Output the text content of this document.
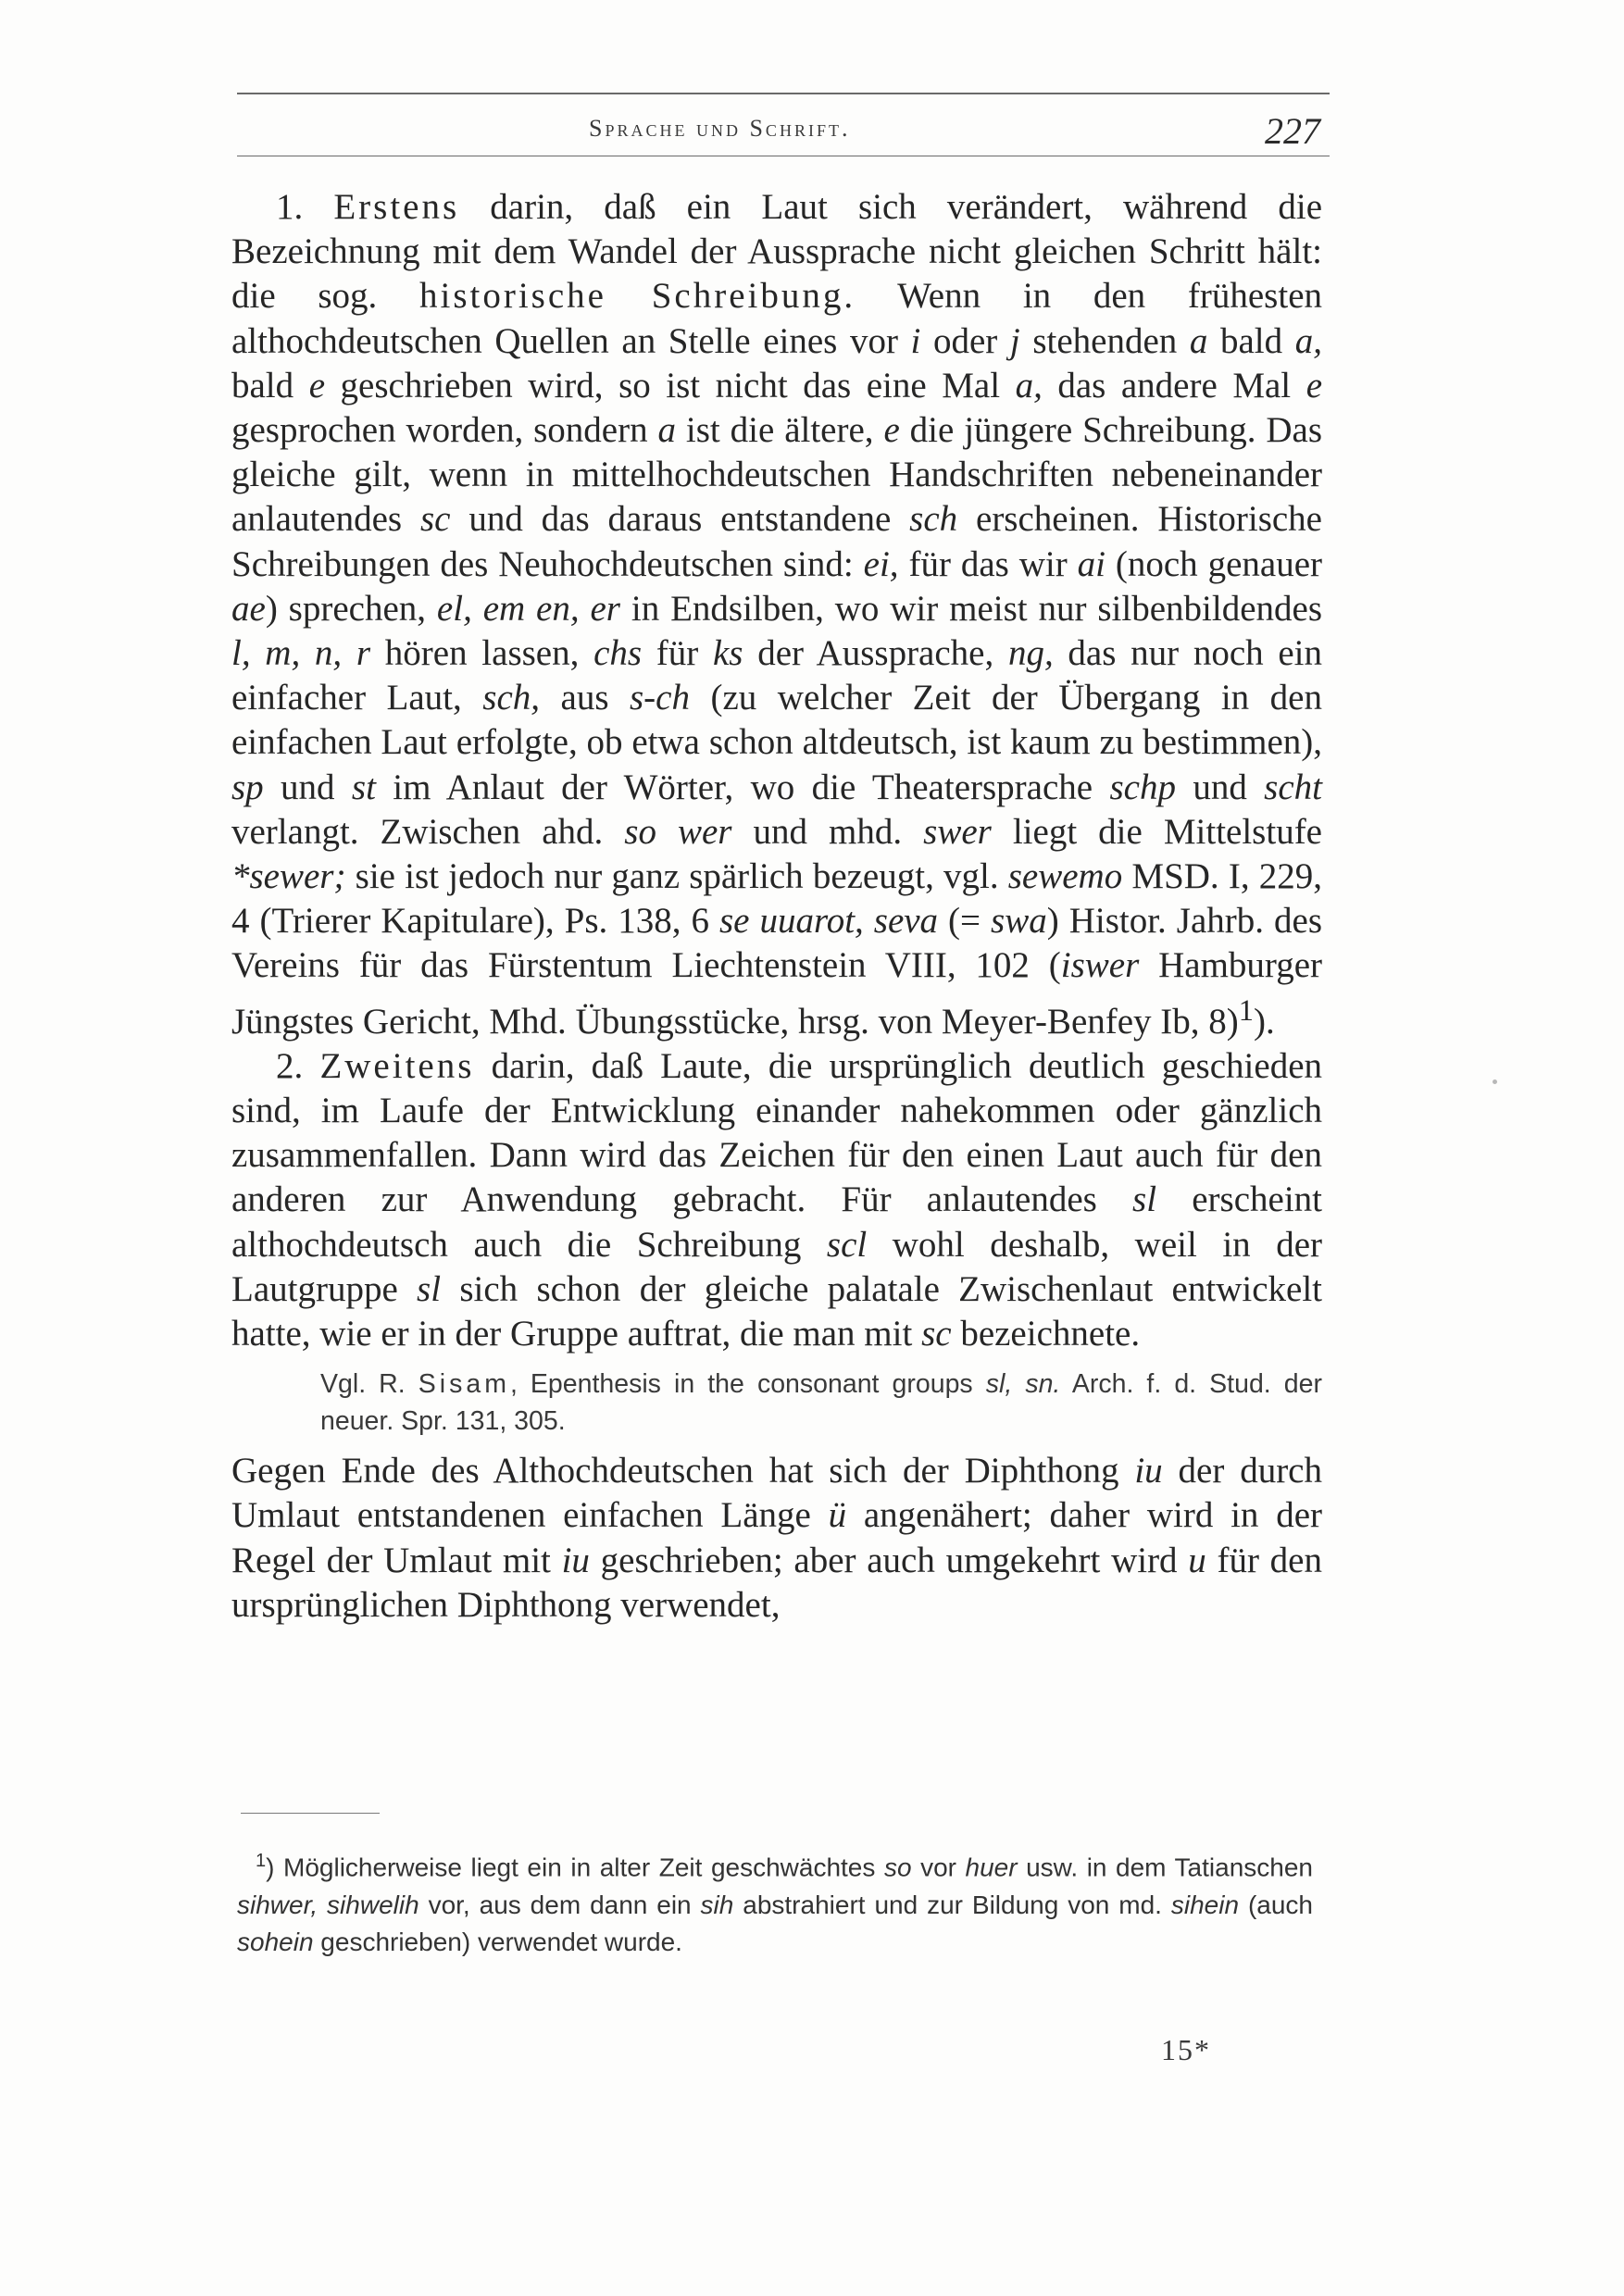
Sprache und Schrift.	227

1. Erstens darin, daß ein Laut sich verändert, während die Bezeichnung mit dem Wandel der Aussprache nicht gleichen Schritt hält: die sog. historische Schreibung. Wenn in den frühesten althochdeutschen Quellen an Stelle eines vor i oder j stehenden a bald a, bald e geschrieben wird, so ist nicht das eine Mal a, das andere Mal e gesprochen worden, sondern a ist die ältere, e die jüngere Schreibung. Das gleiche gilt, wenn in mittelhochdeutschen Handschriften nebeneinander anlautendes sc und das daraus entstandene sch erscheinen. Historische Schreibungen des Neuhochdeutschen sind: ei, für das wir ai (noch genauer ae) sprechen, el, em en, er in Endsilben, wo wir meist nur silbenbildendes l, m, n, r hören lassen, chs für ks der Aussprache, ng, das nur noch ein einfacher Laut, sch, aus s-ch (zu welcher Zeit der Übergang in den einfachen Laut erfolgte, ob etwa schon altdeutsch, ist kaum zu bestimmen), sp und st im Anlaut der Wörter, wo die Theatersprache schp und scht verlangt. Zwischen ahd. so wer und mhd. swer liegt die Mittelstufe *sewer; sie ist jedoch nur ganz spärlich bezeugt, vgl. sewemo MSD. I, 229, 4 (Trierer Kapitulare), Ps. 138, 6 se uuarot, seva (= swa) Histor. Jahrb. des Vereins für das Fürstentum Liechtenstein VIII, 102 (iswer Hamburger Jüngstes Gericht, Mhd. Übungsstücke, hrsg. von Meyer-Benfey Ib, 8)$^1$).

2. Zweitens darin, daß Laute, die ursprünglich deutlich geschieden sind, im Laufe der Entwicklung einander nahekommen oder gänzlich zusammenfallen. Dann wird das Zeichen für den einen Laut auch für den anderen zur Anwendung gebracht. Für anlautendes sl erscheint althochdeutsch auch die Schreibung scl wohl deshalb, weil in der Lautgruppe sl sich schon der gleiche palatale Zwischenlaut entwickelt hatte, wie er in der Gruppe auftrat, die man mit sc bezeichnete.

Vgl. R. Sisam, Epenthesis in the consonant groups sl, sn. Arch. f. d. Stud. der neuer. Spr. 131, 305.

Gegen Ende des Althochdeutschen hat sich der Diphthong iu der durch Umlaut entstandenen einfachen Länge ü angenähert; daher wird in der Regel der Umlaut mit iu geschrieben; aber auch umgekehrt wird u für den ursprünglichen Diphthong verwendet,

$^1$) Möglicherweise liegt ein in alter Zeit geschwächtes so vor huer usw. in dem Tatianschen sihwer, sihwelih vor, aus dem dann ein sih abstrahiert und zur Bildung von md. sihein (auch sohein geschrieben) verwendet wurde.

15*
